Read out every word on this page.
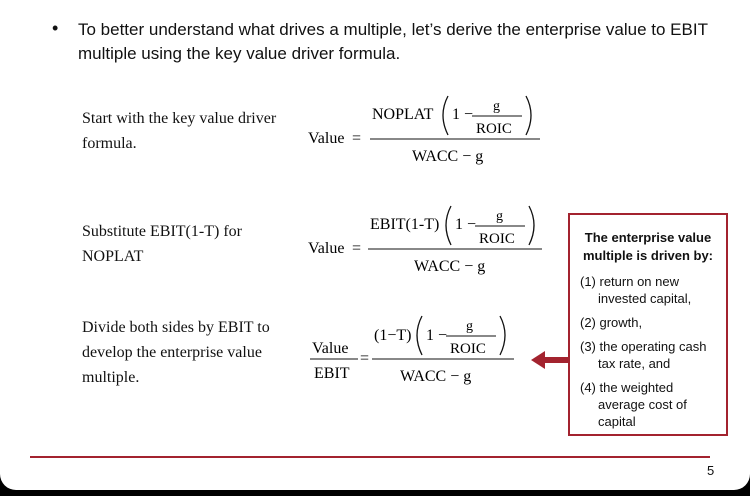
• To better understand what drives a multiple, let’s derive the enterprise value to EBIT multiple using the key value driver formula.
Start with the key value driver formula.	Value =
NOPLAT 1 − g
ROIC
WACC − g
Substitute EBIT(1-T) for NOPLAT	Value =
EBIT(1-T) 1 − g
ROIC
WACC − g
Divide both sides by EBIT to develop the enterprise value multiple.
Value
EBIT
=
(1−T) 1 −
g
ROIC
WACC − g
The enterprise value multiple is driven by:
(1) return on new invested capital,
(2) growth,
(3) the operating cash tax rate, and
(4) the weighted average cost of capital
5
